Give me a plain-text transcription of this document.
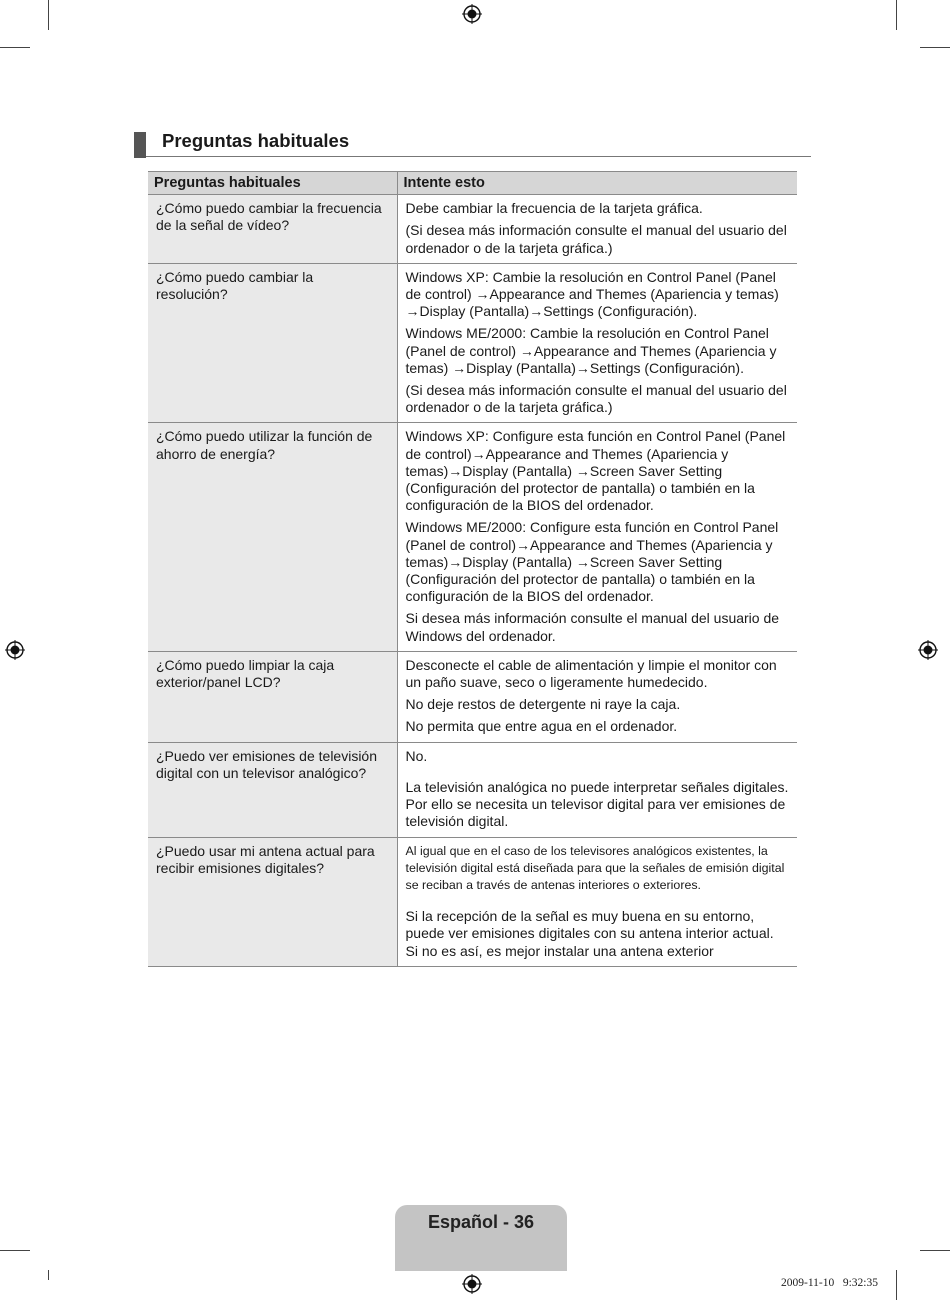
Preguntas habituales
Preguntas habituales	Intente esto
¿Cómo puedo cambiar la frecuencia de la señal de vídeo?	Debe cambiar la frecuencia de la tarjeta gráfica.

(Si desea más información consulte el manual del usuario del ordenador o de la tarjeta gráfica.)

¿Cómo puedo cambiar la resolución?	Windows XP: Cambie la resolución en Control Panel (Panel de control) →Appearance and Themes (Apariencia y temas) →Display (Pantalla)→Settings (Configuración).

Windows ME/2000: Cambie la resolución en Control Panel (Panel de control) →Appearance and Themes (Apariencia y temas) →Display (Pantalla)→Settings (Configuración).

(Si desea más información consulte el manual del usuario del ordenador o de la tarjeta gráfica.)

¿Cómo puedo utilizar la función de ahorro de energía?	Windows XP: Configure esta función en Control Panel (Panel de control)→Appearance and Themes (Apariencia y temas)→Display (Pantalla) →Screen Saver Setting (Configuración del protector de pantalla) o también en la configuración de la BIOS del ordenador.

Windows ME/2000: Configure esta función en Control Panel (Panel de control)→Appearance and Themes (Apariencia y temas)→Display (Pantalla) →Screen Saver Setting (Configuración del protector de pantalla) o también en la configuración de la BIOS del ordenador.

Si desea más información consulte el manual del usuario de Windows del ordenador.

¿Cómo puedo limpiar la caja exterior/panel LCD?	Desconecte el cable de alimentación y limpie el monitor con un paño suave, seco o ligeramente humedecido.

No deje restos de detergente ni raye la caja.

No permita que entre agua en el ordenador.

¿Puedo ver emisiones de televisión digital con un televisor analógico?	No.

La televisión analógica no puede interpretar señales digitales. Por ello se necesita un televisor digital para ver emisiones de televisión digital.

¿Puedo usar mi antena actual para recibir emisiones digitales?	Al igual que en el caso de los televisores analógicos existentes, la televisión digital está diseñada para que la señales de emisión digital se reciban a través de antenas interiores o exteriores.

Si la recepción de la señal es muy buena en su entorno, puede ver emisiones digitales con su antena interior actual. Si no es así, es mejor instalar una antena exterior

Español - 36
2009-11-10   9:32:35
